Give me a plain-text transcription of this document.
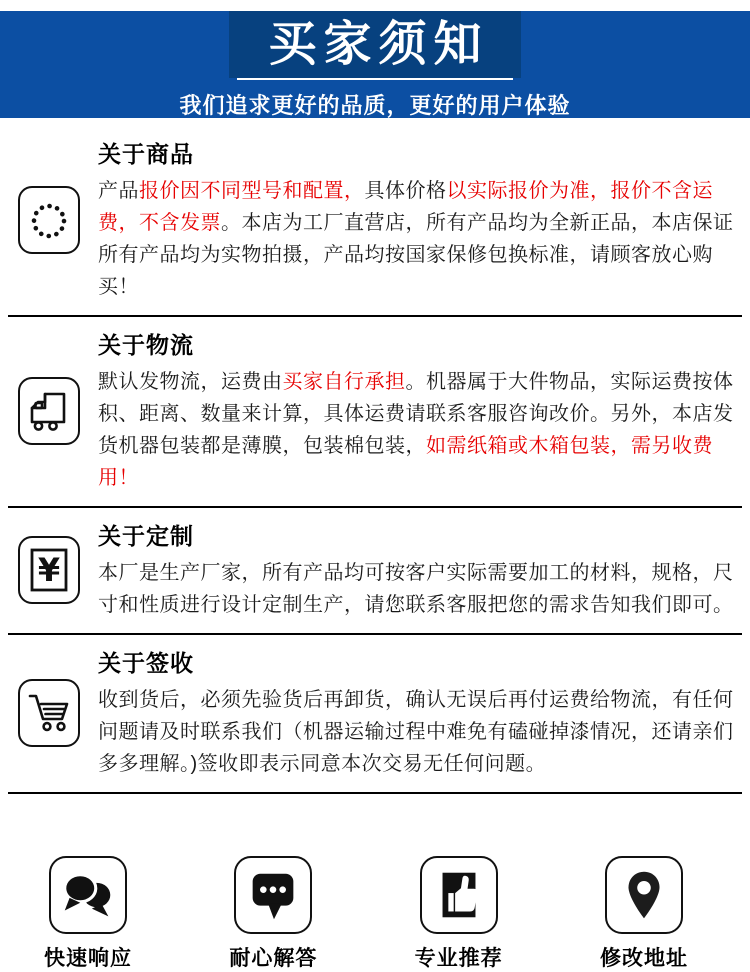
买家须知
我们追求更好的品质，更好的用户体验
关于商品

产品报价因不同型号和配置，具体价格以实际报价为准，报价不含运费，不含发票。本店为工厂直营店，所有产品均为全新正品，本店保证所有产品均为实物拍摄，产品均按国家保修包换标准，请顾客放心购买！

关于物流

默认发物流，运费由买家自行承担。机器属于大件物品，实际运费按体积、距离、数量来计算，具体运费请联系客服咨询改价。另外，本店发货机器包装都是薄膜，包装棉包装，如需纸箱或木箱包装，需另收费用！

¥
关于定制

本厂是生产厂家，所有产品均可按客户实际需要加工的材料，规格，尺寸和性质进行设计定制生产，请您联系客服把您的需求告知我们即可。

关于签收

收到货后，必须先验货后再卸货，确认无误后再付运费给物流，有任何问题请及时联系我们（机器运输过程中难免有磕碰掉漆情况，还请亲们多多理解。)签收即表示同意本次交易无任何问题。

快速响应	耐心解答	专业推荐	修改地址
